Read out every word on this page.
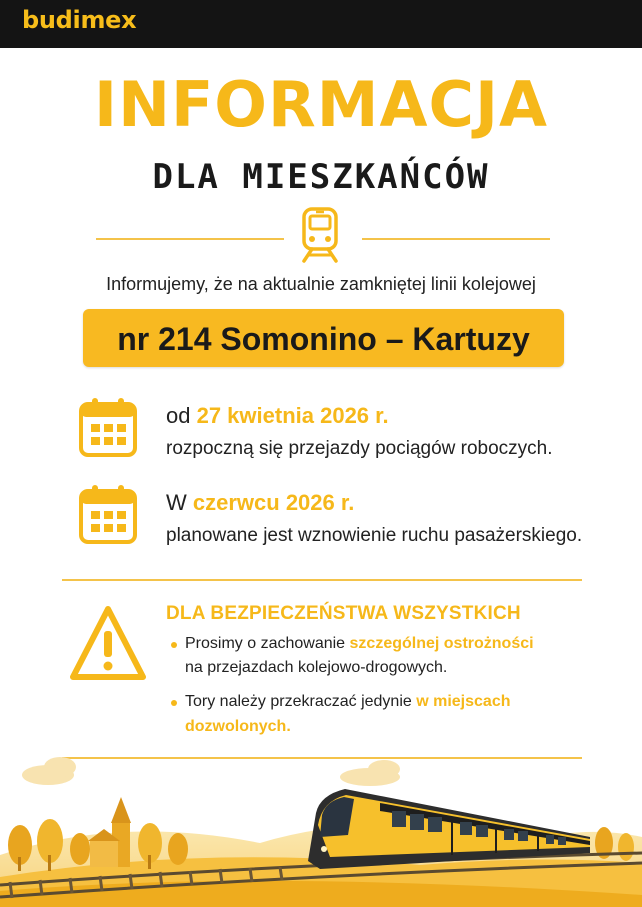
budimex
INFORMACJA
DLA MIESZKAŃCÓW
Informujemy, że na aktualnie zamkniętej linii kolejowej
nr 214 Somonino – Kartuzy
od 27 kwietnia 2026 r.
rozpoczną się przejazdy pociągów roboczych.
W czerwcu 2026 r.
planowane jest wznowienie ruchu pasażerskiego.
DLA BEZPIECZEŃSTWA WSZYSTKICH
Prosimy o zachowanie szczególnej ostrożności
na przejazdach kolejowo-drogowych.
Tory należy przekraczać jedynie w miejscach
dozwolonych.
